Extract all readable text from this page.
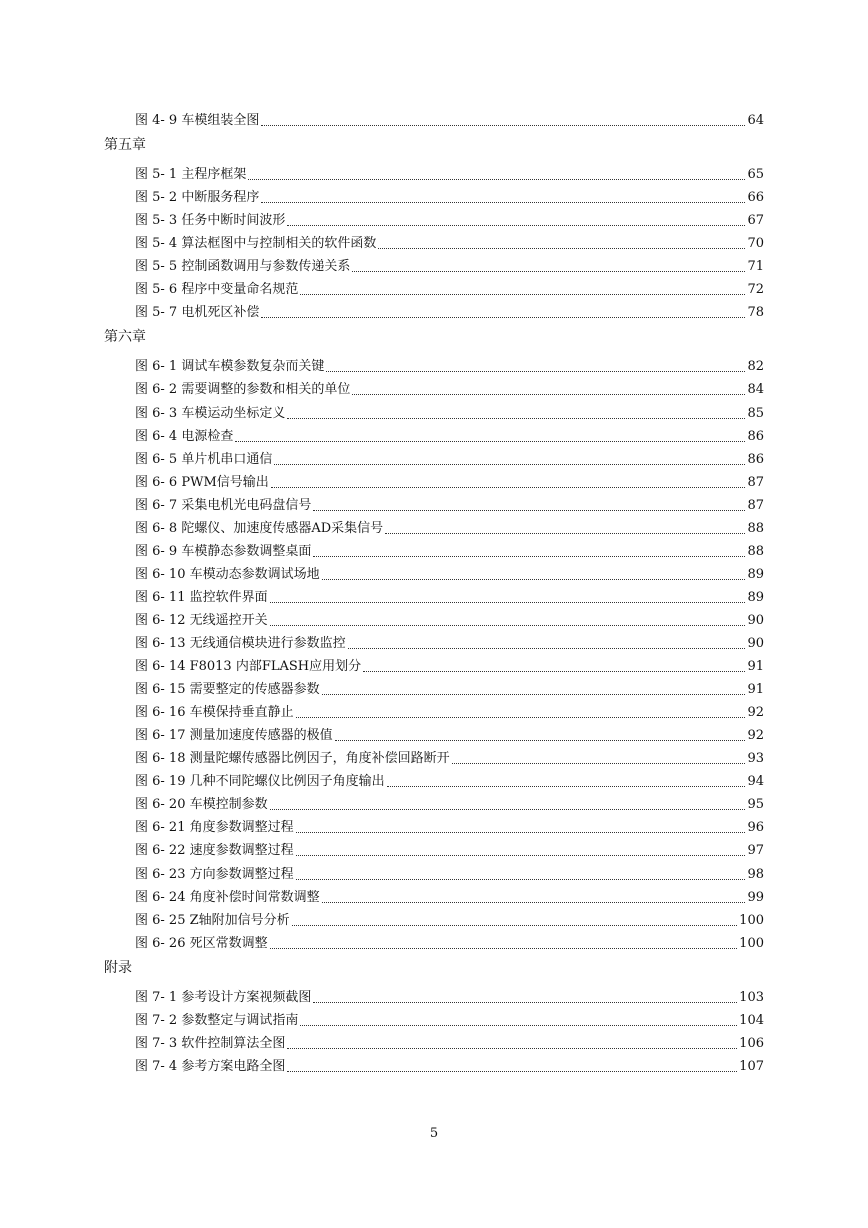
图 4- 9 车模组装全图	64
第五章
图 5- 1 主程序框架	65
图 5- 2 中断服务程序	66
图 5- 3 任务中断时间波形	67
图 5- 4 算法框图中与控制相关的软件函数	70
图 5- 5 控制函数调用与参数传递关系	71
图 5- 6 程序中变量命名规范	72
图 5- 7 电机死区补偿	78
第六章
图 6- 1 调试车模参数复杂而关键	82
图 6- 2 需要调整的参数和相关的单位	84
图 6- 3 车模运动坐标定义	85
图 6- 4 电源检查	86
图 6- 5 单片机串口通信	86
图 6- 6 PWM信号输出	87
图 6- 7 采集电机光电码盘信号	87
图 6- 8 陀螺仪、加速度传感器AD采集信号	88
图 6- 9 车模静态参数调整桌面	88
图 6- 10 车模动态参数调试场地	89
图 6- 11 监控软件界面	89
图 6- 12 无线遥控开关	90
图 6- 13 无线通信模块进行参数监控	90
图 6- 14 F8013 内部FLASH应用划分	91
图 6- 15 需要整定的传感器参数	91
图 6- 16 车模保持垂直静止	92
图 6- 17 测量加速度传感器的极值	92
图 6- 18 测量陀螺传感器比例因子，角度补偿回路断开	93
图 6- 19 几种不同陀螺仪比例因子角度输出	94
图 6- 20 车模控制参数	95
图 6- 21 角度参数调整过程	96
图 6- 22 速度参数调整过程	97
图 6- 23 方向参数调整过程	98
图 6- 24 角度补偿时间常数调整	99
图 6- 25 Z轴附加信号分析	100
图 6- 26 死区常数调整	100
附录
图 7- 1 参考设计方案视频截图	103
图 7- 2 参数整定与调试指南	104
图 7- 3 软件控制算法全图	106
图 7- 4 参考方案电路全图	107
5
